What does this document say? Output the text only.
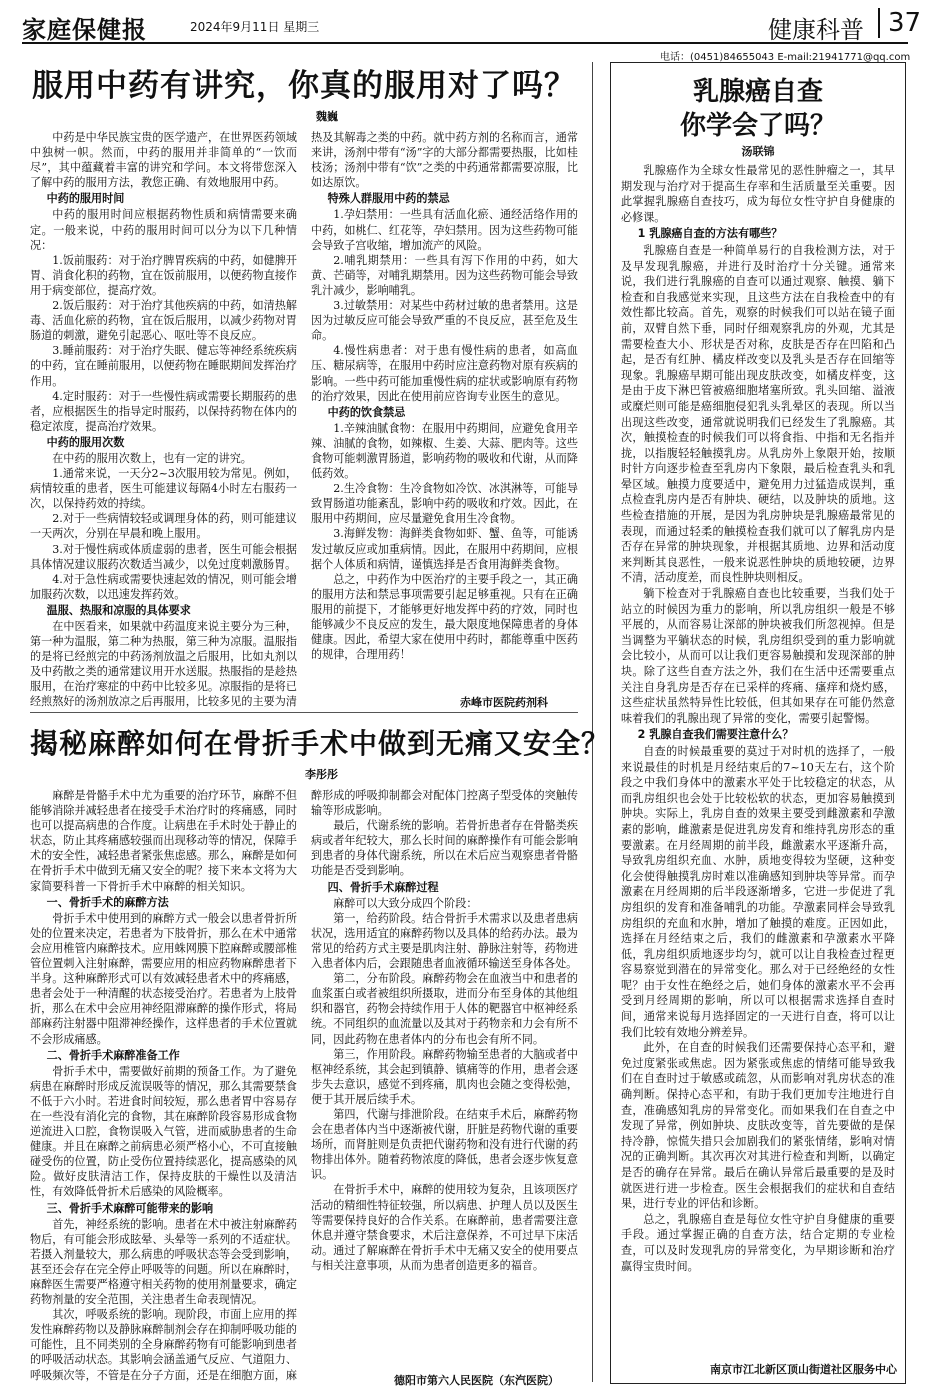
家庭保健报	2024年9月11日 星期三	健康科普 37
电话：(0451)84655043 E-mail:21941771@qq.com
服用中药有讲究，你真的服用对了吗？
魏巍

中药是中华民族宝贵的医学遗产，在世界医药领域中独树一帜。然而，中药的服用并非简单的“一饮而尽”，其中蕴藏着丰富的讲究和学问。本文将带您深入了解中药的服用方法，教您正确、有效地服用中药。

中药的服用时间

中药的服用时间应根据药物性质和病情需要来确定。一般来说，中药的服用时间可以分为以下几种情况：

1.饭前服药：对于治疗脾胃疾病的中药，如健脾开胃、消食化积的药物，宜在饭前服用，以便药物直接作用于病变部位，提高疗效。

2.饭后服药：对于治疗其他疾病的中药，如清热解毒、活血化瘀的药物，宜在饭后服用，以减少药物对胃肠道的刺激，避免引起恶心、呕吐等不良反应。

3.睡前服药：对于治疗失眠、健忘等神经系统疾病的中药，宜在睡前服用，以便药物在睡眠期间发挥治疗作用。

4.定时服药：对于一些慢性病或需要长期服药的患者，应根据医生的指导定时服药，以保持药物在体内的稳定浓度，提高治疗效果。

中药的服用次数

在中药的服用次数上，也有一定的讲究。

1.通常来说，一天分2~3次服用较为常见。例如，病情较重的患者，医生可能建议每隔4小时左右服药一次，以保持药效的持续。

2.对于一些病情较轻或调理身体的药，则可能建议一天两次，分别在早晨和晚上服用。

3.对于慢性病或体质虚弱的患者，医生可能会根据具体情况建议服药次数适当减少，以免过度刺激肠胃。

4.对于急性病或需要快速起效的情况，则可能会增加服药次数，以迅速发挥药效。

温服、热服和凉服的具体要求

在中医看来，如果就中药温度来说主要分为三种，第一种为温服，第二种为热服，第三种为凉服。温服指的是将已经煎完的中药汤剂放温之后服用，比如丸剂以及中药散之类的通常建议用开水送服。热服指的是趁热服用，在治疗寒症的中药中比较多见。凉服指的是将已经煎熬好的汤剂放凉之后再服用，比较多见的主要为清热及其解毒之类的中药。就中药方剂的名称而言，通常来讲，汤剂中带有“汤”字的大部分都需要热服，比如桂枝汤；汤剂中带有“饮”之类的中药通常都需要凉服，比如达原饮。

特殊人群服用中药的禁忌

1.孕妇禁用：一些具有活血化瘀、通经活络作用的中药，如桃仁、红花等，孕妇禁用。因为这些药物可能会导致子宫收缩，增加流产的风险。

2.哺乳期禁用：一些具有泻下作用的中药，如大黄、芒硝等，对哺乳期禁用。因为这些药物可能会导致乳汁减少，影响哺乳。

3.过敏禁用：对某些中药材过敏的患者禁用。这是因为过敏反应可能会导致严重的不良反应，甚至危及生命。

4.慢性病患者：对于患有慢性病的患者，如高血压、糖尿病等，在服用中药时应注意药物对原有疾病的影响。一些中药可能加重慢性病的症状或影响原有药物的治疗效果，因此在使用前应咨询专业医生的意见。

中药的饮食禁忌

1.辛辣油腻食物：在服用中药期间，应避免食用辛辣、油腻的食物，如辣椒、生姜、大蒜、肥肉等。这些食物可能刺激胃肠道，影响药物的吸收和代谢，从而降低药效。

2.生冷食物：生冷食物如冷饮、冰淇淋等，可能导致胃肠道功能紊乱，影响中药的吸收和疗效。因此，在服用中药期间，应尽量避免食用生冷食物。

3.海鲜发物：海鲜类食物如虾、蟹、鱼等，可能诱发过敏反应或加重病情。因此，在服用中药期间，应根据个人体质和病情，谨慎选择是否食用海鲜类食物。

总之，中药作为中医治疗的主要手段之一，其正确的服用方法和禁忌事项需要引起足够重视。只有在正确服用的前提下，才能够更好地发挥中药的疗效，同时也能够减少不良反应的发生，最大限度地保障患者的身体健康。因此，希望大家在使用中药时，都能尊重中医药的规律，合理用药！

赤峰市医院药剂科
揭秘麻醉如何在骨折手术中做到无痛又安全？
李彤彤

麻醉是骨骼手术中尤为重要的治疗环节，麻醉不但能够消除并减轻患者在接受手术治疗时的疼痛感，同时也可以提高病患的合作度。让病患在手术时处于静止的状态，防止其疼痛感较强而出现移动等的情况，保障手术的安全性，减轻患者紧张焦虑感。那么，麻醉是如何在骨折手术中做到无痛又安全的呢？接下来本文将为大家简要科普一下骨折手术中麻醉的相关知识。

一、骨折手术的麻醉方法

骨折手术中使用到的麻醉方式一般会以患者骨折所处的位置来决定，若患者为下肢骨折，那么在术中通常会应用椎管内麻醉技术。应用蛛网膜下腔麻醉或腰部椎管位置刺入注射麻醉，需要应用的相应药物麻醉患者下半身。这种麻醉形式可以有效减轻患者术中的疼痛感，患者会处于一种清醒的状态接受治疗。若患者为上肢骨折，那么在术中会应用神经阻滞麻醉的操作形式，将局部麻药注射器中阻滞神经操作，这样患者的手术位置就不会形成痛感。

二、骨折手术麻醉准备工作

骨折手术中，需要做好前期的预备工作。为了避免病患在麻醉时形成反流误吸等的情况，那么其需要禁食不低于六小时。若进食时间较短，那么患者胃中容易存在一些没有消化完的食物，其在麻醉阶段容易形成食物逆流进入口腔，食物误吸入气管，进而威胁患者的生命健康。并且在麻醉之前病患必须严格小心，不可直接触碰受伤的位置，防止受伤位置持续恶化，提高感染的风险。做好皮肤清洁工作，保持皮肤的干燥性以及清洁性，有效降低骨折术后感染的风险概率。

三、骨折手术麻醉可能带来的影响

首先，神经系统的影响。患者在术中被注射麻醉药物后，有可能会形成眩晕、头晕等一系列的不适症状。若摄入剂量较大，那么病患的呼吸状态等会受到影响，甚至还会存在完全停止呼吸等的问题。所以在麻醉时，麻醉医生需要严格遵守相关药物的使用剂量要求，确定药物剂量的安全范围，关注患者生命表现情况。

其次，呼吸系统的影响。现阶段，市面上应用的挥发性麻醉药物以及静脉麻醉制剂会存在抑制呼吸功能的可能性，且不同类别的全身麻醉药物有可能影响到患者的呼吸活动状态。其影响会涵盖通气反应、气道阻力、呼吸频次等，不管是在分子方面，还是在细胞方面，麻醉形成的呼吸抑制都会对配体门控离子型受体的突触传输等形成影响。

最后，代谢系统的影响。若骨折患者存在骨骼类疾病或者年纪较大，那么长时间的麻醉操作有可能会影响到患者的身体代谢系统，所以在术后应当观察患者骨骼功能是否受到影响。

四、骨折手术麻醉过程

麻醉可以大致分成四个阶段：

第一，给药阶段。结合骨折手术需求以及患者患病状况，选用适宜的麻醉药物以及具体的给药办法。最为常见的给药方式主要是肌肉注射、静脉注射等，药物进入患者体内后，会跟随患者血液循环输送至身体各处。

第二，分布阶段。麻醉药物会在血液当中和患者的血浆蛋白或者被组织所摄取，进而分布至身体的其他组织和器官，药物会持续作用于人体的靶器官中枢神经系统。不同组织的血流量以及其对于药物亲和力会有所不同，因此药物在患者体内的分布也会有所不同。

第三，作用阶段。麻醉药物输至患者的大脑或者中枢神经系统，其会起到镇静、镇痛等的作用，患者会逐步失去意识，感觉不到疼痛，肌肉也会随之变得松弛，便于其开展后续手术。

第四，代谢与排泄阶段。在结束手术后，麻醉药物会在患者体内当中逐渐被代谢，肝脏是药物代谢的重要场所，而肾脏则是负责把代谢药物和没有进行代谢的药物排出体外。随着药物浓度的降低，患者会逐步恢复意识。

在骨折手术中，麻醉的使用较为复杂，且该项医疗活动的精细性特征较强，所以病患、护理人员以及医生等需要保持良好的合作关系。在麻醉前，患者需要注意休息并遵守禁食要求，术后注意保养，不可过早下床活动。通过了解麻醉在骨折手术中无痛又安全的使用要点与相关注意事项，从而为患者创造更多的福音。

德阳市第六人民医院（东汽医院）
乳腺癌自查
你学会了吗？
汤联锦

乳腺癌作为全球女性最常见的恶性肿瘤之一，其早期发现与治疗对于提高生存率和生活质量至关重要。因此掌握乳腺癌自查技巧，成为每位女性守护自身健康的必修课。

1 乳腺癌自查的方法有哪些？

乳腺癌自查是一种简单易行的自我检测方法，对于及早发现乳腺癌，并进行及时治疗十分关键。通常来说，我们进行乳腺癌的自查可以通过观察、触摸、躺下检查和自我感觉来实现，且这些方法在自我检查中的有效性都比较高。首先，观察的时候我们可以站在镜子面前，双臂自然下垂，同时仔细观察乳房的外观，尤其是需要检查大小、形状是否对称，皮肤是否存在凹陷和凸起，是否有红肿、橘皮样改变以及乳头是否存在回缩等现象。乳腺癌早期可能出现皮肤改变，如橘皮样变，这是由于皮下淋巴管被癌细胞堵塞所致。乳头回缩、溢液或糜烂则可能是癌细胞侵犯乳头乳晕区的表现。所以当出现这些改变，通常就说明我们已经发生了乳腺癌。其次，触摸检查的时候我们可以将食指、中指和无名指并拢，以指腹轻轻触摸乳房。从乳房外上象限开始，按顺时针方向逐步检查至乳房内下象限，最后检查乳头和乳晕区域。触摸力度要适中，避免用力过猛造成误判，重点检查乳房内是否有肿块、硬结，以及肿块的质地。这些检查措施的开展，是因为乳房肿块是乳腺癌最常见的表现，而通过轻柔的触摸检查我们就可以了解乳房内是否存在异常的肿块现象，并根据其质地、边界和活动度来判断其良恶性，一般来说恶性肿块的质地较硬，边界不清，活动度差，而良性肿块则相反。

躺下检查对于乳腺癌自查也比较重要，当我们处于站立的时候因为重力的影响，所以乳房组织一般是不够平展的，从而容易让深部的肿块被我们所忽视掉。但是当调整为平躺状态的时候，乳房组织受到的重力影响就会比较小，从而可以让我们更容易触摸和发现深部的肿块。除了这些自查方法之外，我们在生活中还需要重点关注自身乳房是否存在已采样的疼痛、瘙痒和烧灼感，这些症状虽然特异性比较低，但其如果存在可能仍然意味着我们的乳腺出现了异常的变化，需要引起警惕。

2 乳腺自查我们需要注意什么？

自查的时候最重要的莫过于对时机的选择了，一般来说最佳的时机是月经结束后的7~10天左右，这个阶段之中我们身体中的激素水平处于比较稳定的状态，从而乳房组织也会处于比较松软的状态，更加容易触摸到肿块。实际上，乳房自查的效果主要受到雌激素和孕激素的影响，雌激素是促进乳房发育和维持乳房形态的重要激素。在月经周期的前半段，雌激素水平逐渐升高，导致乳房组织充血、水肿，质地变得较为坚硬，这种变化会使得触摸乳房时难以准确感知到肿块等异常。而孕激素在月经周期的后半段逐渐增多，它进一步促进了乳房组织的发育和准备哺乳的功能。孕激素同样会导致乳房组织的充血和水肿，增加了触摸的难度。正因如此，选择在月经结束之后，我们的雌激素和孕激素水平降低，乳房组织质地逐步均匀，就可以让自我检查过程更容易察觉到潜在的异常变化。那么对于已经绝经的女性呢？由于女性在绝经之后，她们身体的激素水平不会再受到月经周期的影响，所以可以根据需求选择自查时间，通常来说每月选择固定的一天进行自查，将可以让我们比较有效地分辨差异。

此外，在自查的时候我们还需要保持心态平和，避免过度紧张或焦虑。因为紧张或焦虑的情绪可能导致我们在自查时过于敏感或疏忽，从而影响对乳房状态的准确判断。保持心态平和，有助于我们更加专注地进行自查，准确感知乳房的异常变化。而如果我们在自查之中发现了异常，例如肿块、皮肤改变等，首先要做的是保持冷静，惊慌失措只会加剧我们的紧张情绪，影响对情况的正确判断。其次再次对其进行检查和判断，以确定是否的确存在异常。最后在确认异常后最重要的是及时就医进行进一步检查。医生会根据我们的症状和自查结果，进行专业的评估和诊断。

总之，乳腺癌自查是每位女性守护自身健康的重要手段。通过掌握正确的自查方法，结合定期的专业检查，可以及时发现乳房的异常变化，为早期诊断和治疗赢得宝贵时间。

南京市江北新区顶山街道社区服务中心
